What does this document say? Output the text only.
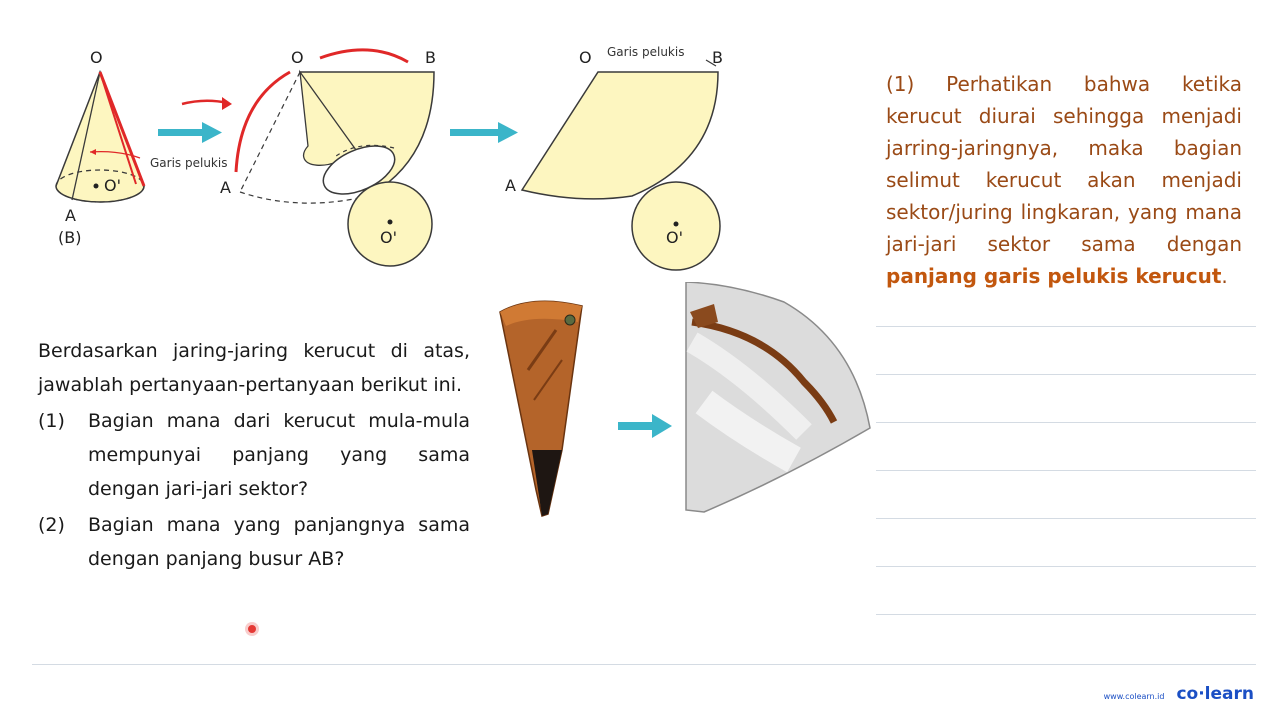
O
O'
A
(B)
Garis pelukis
O	B
A
O'
O	B
A
O'
Garis pelukis
(1) Perhatikan bahwa ketika kerucut diurai sehingga menjadi jarring-jaringnya, maka bagian selimut kerucut akan menjadi sektor/juring lingkaran, yang mana jari-jari sektor sama dengan panjang garis pelukis kerucut.
Berdasarkan jaring-jaring kerucut di atas, jawablah pertanyaan-pertanyaan berikut ini.
(1)	Bagian mana dari kerucut mula-mula mempunyai panjang yang sama dengan jari-jari sektor?
(2)	Bagian mana yang panjangnya sama dengan panjang busur AB?
www.colearn.id co·learn
